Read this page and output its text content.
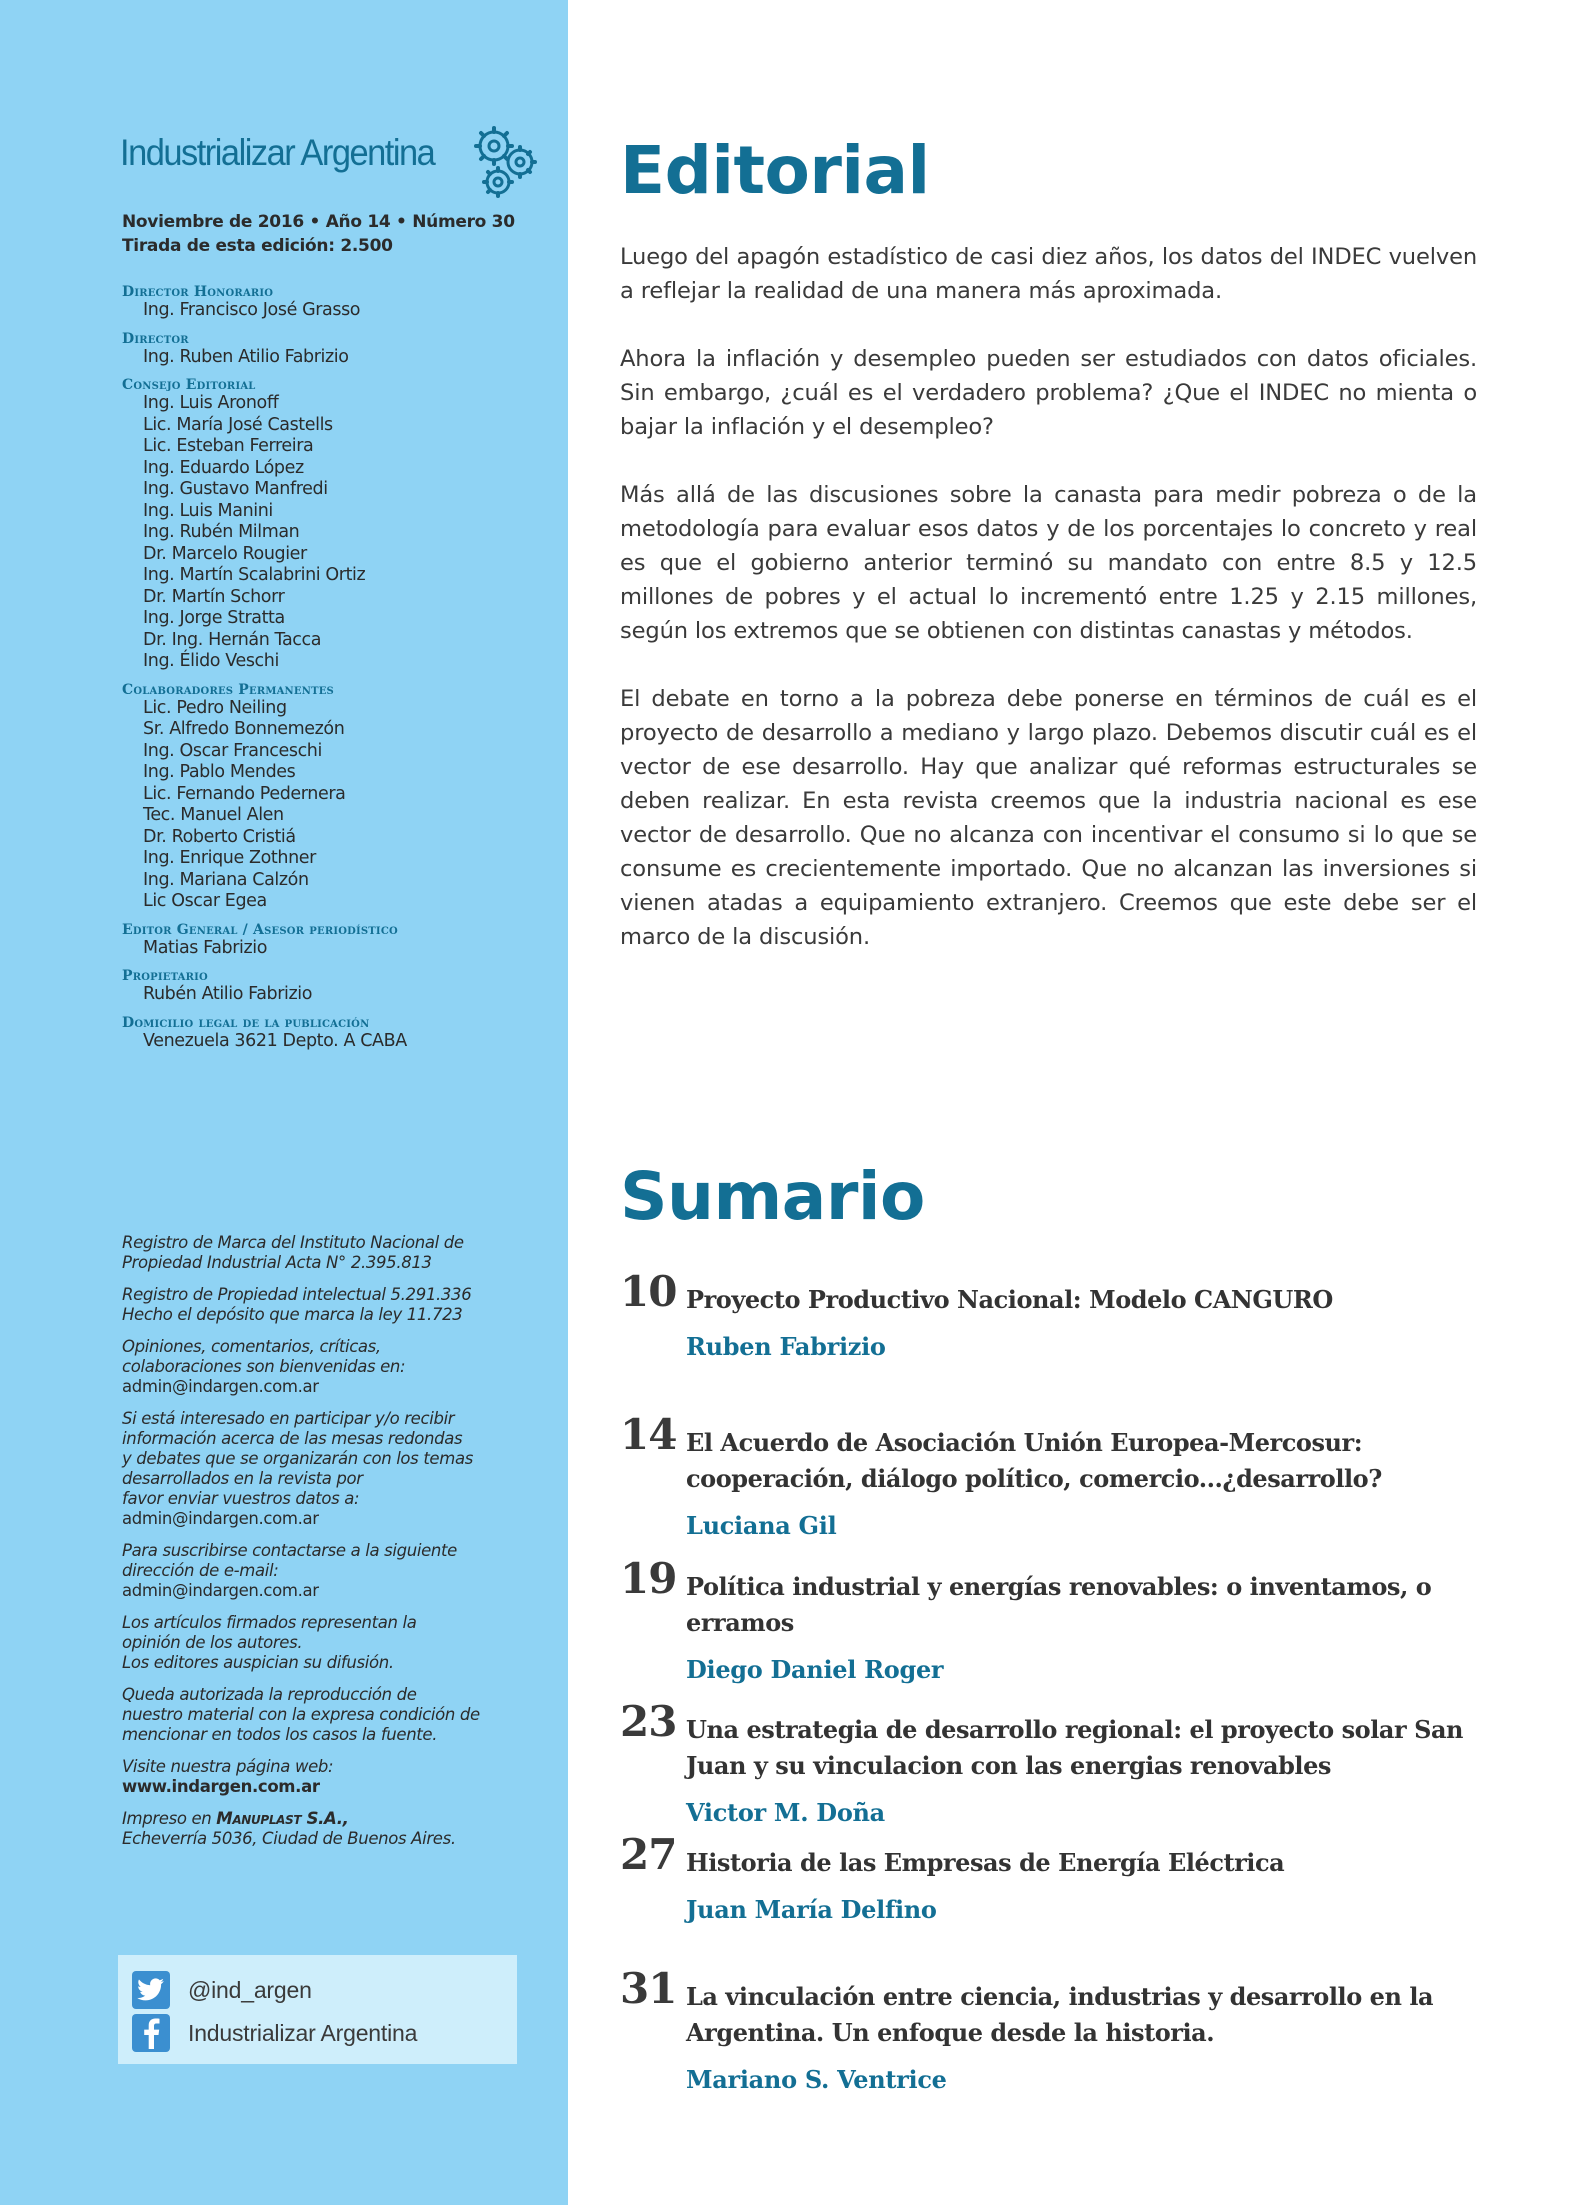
Industrializar Argentina
Noviembre de 2016 • Año 14 • Número 30
Tirada de esta edición: 2.500
Director Honorario
Ing. Francisco José Grasso
Director
Ing. Ruben Atilio Fabrizio
Consejo Editorial
Ing. Luis Aronoff
Lic. María José Castells
Lic. Esteban Ferreira
Ing. Eduardo López
Ing. Gustavo Manfredi
Ing. Luis Manini
Ing. Rubén Milman
Dr. Marcelo Rougier
Ing. Martín Scalabrini Ortiz
Dr. Martín Schorr
Ing. Jorge Stratta
Dr. Ing. Hernán Tacca
Ing. Élido Veschi
Colaboradores Permanentes
Lic. Pedro Neiling
Sr. Alfredo Bonnemezón
Ing. Oscar Franceschi
Ing. Pablo Mendes
Lic. Fernando Pedernera
Tec. Manuel Alen
Dr. Roberto Cristiá
Ing. Enrique Zothner
Ing. Mariana Calzón
Lic Oscar Egea
Editor General / Asesor periodístico
Matias Fabrizio
Propietario
Rubén Atilio Fabrizio
Domicilio legal de la publicación
Venezuela 3621 Depto. A CABA

Registro de Marca del Instituto Nacional de

Propiedad Industrial Acta N° 2.395.813

Registro de Propiedad intelectual 5.291.336

Hecho el depósito que marca la ley 11.723

Opiniones, comentarios, críticas,

colaboraciones son bienvenidas en:

admin@indargen.com.ar

Si está interesado en participar y/o recibir

información acerca de las mesas redondas

y debates que se organizarán con los temas

desarrollados en la revista por

favor enviar vuestros datos a:

admin@indargen.com.ar

Para suscribirse contactarse a la siguiente

dirección de e-mail:

admin@indargen.com.ar

Los artículos firmados representan la

opinión de los autores.

Los editores auspician su difusión.

Queda autorizada la reproducción de

nuestro material con la expresa condición de

mencionar en todos los casos la fuente.

Visite nuestra página web:

www.indargen.com.ar

Impreso en Manuplast S.A.,

Echeverría 5036, Ciudad de Buenos Aires.

@ind_argen
Industrializar Argentina
Editorial

Luego del apagón estadístico de casi diez años, los datos del INDEC vuelven a reflejar la realidad de una manera más aproximada.

Ahora la inflación y desempleo pueden ser estudiados con datos oficiales. Sin embargo, ¿cuál es el verdadero problema? ¿Que el INDEC no mienta o bajar la inflación y el desempleo?

Más allá de las discusiones sobre la canasta para medir pobreza o de la metodología para evaluar esos datos y de los porcentajes lo concreto y real es que el gobierno anterior terminó su mandato con entre 8.5 y 12.5 millones de pobres y el actual lo incrementó entre 1.25 y 2.15 millones, según los extremos que se obtienen con distintas canastas y métodos.

El debate en torno a la pobreza debe ponerse en términos de cuál es el proyecto de desarrollo a mediano y largo plazo. Debemos discutir cuál es el vector de ese desarrollo. Hay que analizar qué reformas estructurales se deben realizar. En esta revista creemos que la industria nacional es ese vector de desarrollo. Que no alcanza con incentivar el consumo si lo que se consume es crecientemente importado. Que no alcanzan las inversiones si vienen atadas a equipamiento extranjero. Creemos que este debe ser el marco de la discusión.

Sumario
10 Proyecto Productivo Nacional: Modelo CANGURO
Ruben Fabrizio
14 El Acuerdo de Asociación Unión Europea-Mercosur: cooperación, diálogo político, comercio...¿desarrollo?
Luciana Gil
19 Política industrial y energías renovables: o inventamos, o erramos
Diego Daniel Roger
23 Una estrategia de desarrollo regional: el proyecto solar San Juan y su vinculacion con las energias renovables
Victor M. Doña
27 Historia de las Empresas de Energía Eléctrica
Juan María Delfino
31 La vinculación entre ciencia, industrias y desarrollo en la Argentina. Un enfoque desde la historia.
Mariano S. Ventrice
